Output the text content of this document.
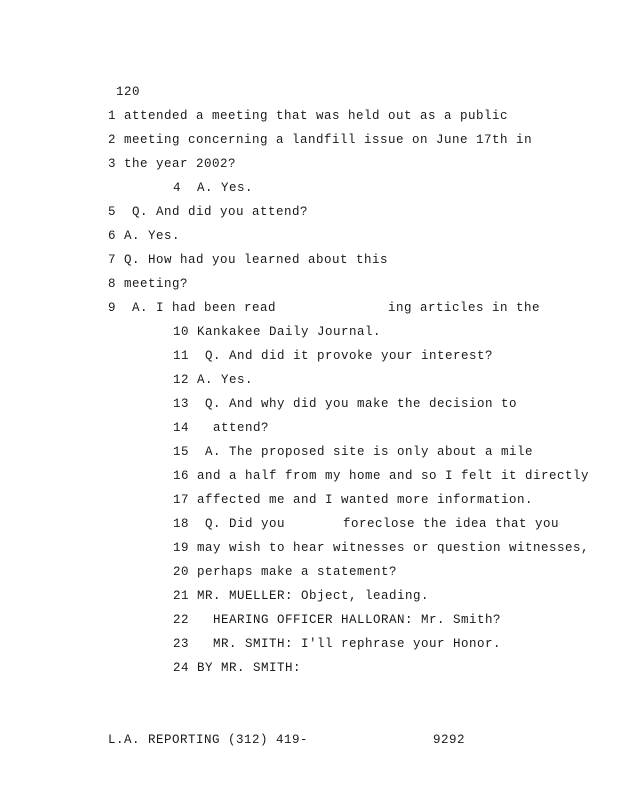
120
1 attended a meeting that was held out as a public
2 meeting concerning a landfill issue on June 17th in
3 the year 2002?
4  A. Yes.
5  Q. And did you attend?
6 A. Yes.
7 Q. How had you learned about this
8 meeting?
9  A. I had been read	ing articles in the
10 Kankakee Daily Journal.
11  Q. And did it provoke your interest?
12 A. Yes.
13  Q. And why did you make the decision to
14   attend?
15  A. The proposed site is only about a mile
16 and a half from my home and so I felt it directly
17 affected me and I wanted more information.
18  Q. Did you	foreclose the idea that you
19 may wish to hear witnesses or question witnesses,
20 perhaps make a statement?
21 MR. MUELLER: Object, leading.
22   HEARING OFFICER HALLORAN: Mr. Smith?
23   MR. SMITH: I'll rephrase your Honor.
24 BY MR. SMITH:
L.A. REPORTING (312) 419-	9292
